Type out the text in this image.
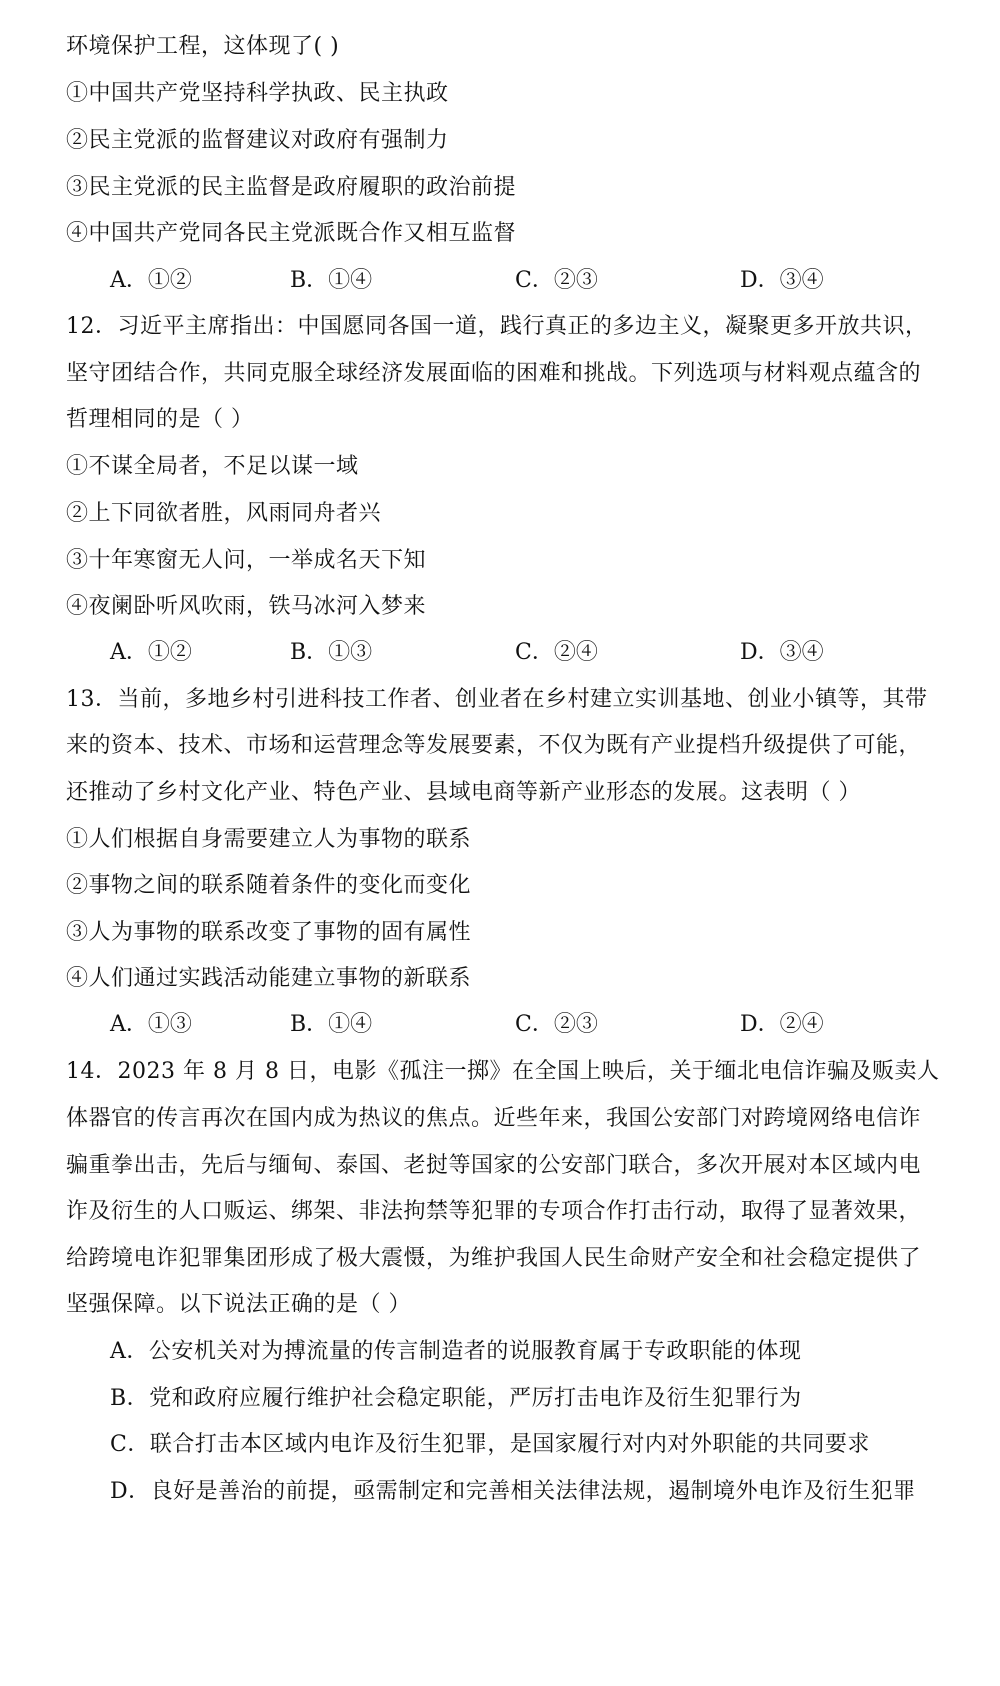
环境保护工程，这体现了( )
①中国共产党坚持科学执政、民主执政
②民主党派的监督建议对政府有强制力
③民主党派的民主监督是政府履职的政治前提
④中国共产党同各民主党派既合作又相互监督
A．①②	B．①④	C．②③	D．③④
12．习近平主席指出：中国愿同各国一道，践行真正的多边主义，凝聚更多开放共识，
坚守团结合作，共同克服全球经济发展面临的困难和挑战。下列选项与材料观点蕴含的
哲理相同的是（ ）
①不谋全局者，不足以谋一域
②上下同欲者胜，风雨同舟者兴
③十年寒窗无人问，一举成名天下知
④夜阑卧听风吹雨，铁马冰河入梦来
A．①②	B．①③	C．②④	D．③④
13．当前，多地乡村引进科技工作者、创业者在乡村建立实训基地、创业小镇等，其带
来的资本、技术、市场和运营理念等发展要素，不仅为既有产业提档升级提供了可能，
还推动了乡村文化产业、特色产业、县域电商等新产业形态的发展。这表明（ ）
①人们根据自身需要建立人为事物的联系
②事物之间的联系随着条件的变化而变化
③人为事物的联系改变了事物的固有属性
④人们通过实践活动能建立事物的新联系
A．①③	B．①④	C．②③	D．②④
14．2023 年 8 月 8 日，电影《孤注一掷》在全国上映后，关于缅北电信诈骗及贩卖人
体器官的传言再次在国内成为热议的焦点。近些年来，我国公安部门对跨境网络电信诈
骗重拳出击，先后与缅甸、泰国、老挝等国家的公安部门联合，多次开展对本区域内电
诈及衍生的人口贩运、绑架、非法拘禁等犯罪的专项合作打击行动，取得了显著效果，
给跨境电诈犯罪集团形成了极大震慑，为维护我国人民生命财产安全和社会稳定提供了
坚强保障。以下说法正确的是（ ）
A．公安机关对为搏流量的传言制造者的说服教育属于专政职能的体现
B．党和政府应履行维护社会稳定职能，严厉打击电诈及衍生犯罪行为
C．联合打击本区域内电诈及衍生犯罪，是国家履行对内对外职能的共同要求
D．良好是善治的前提，亟需制定和完善相关法律法规，遏制境外电诈及衍生犯罪
